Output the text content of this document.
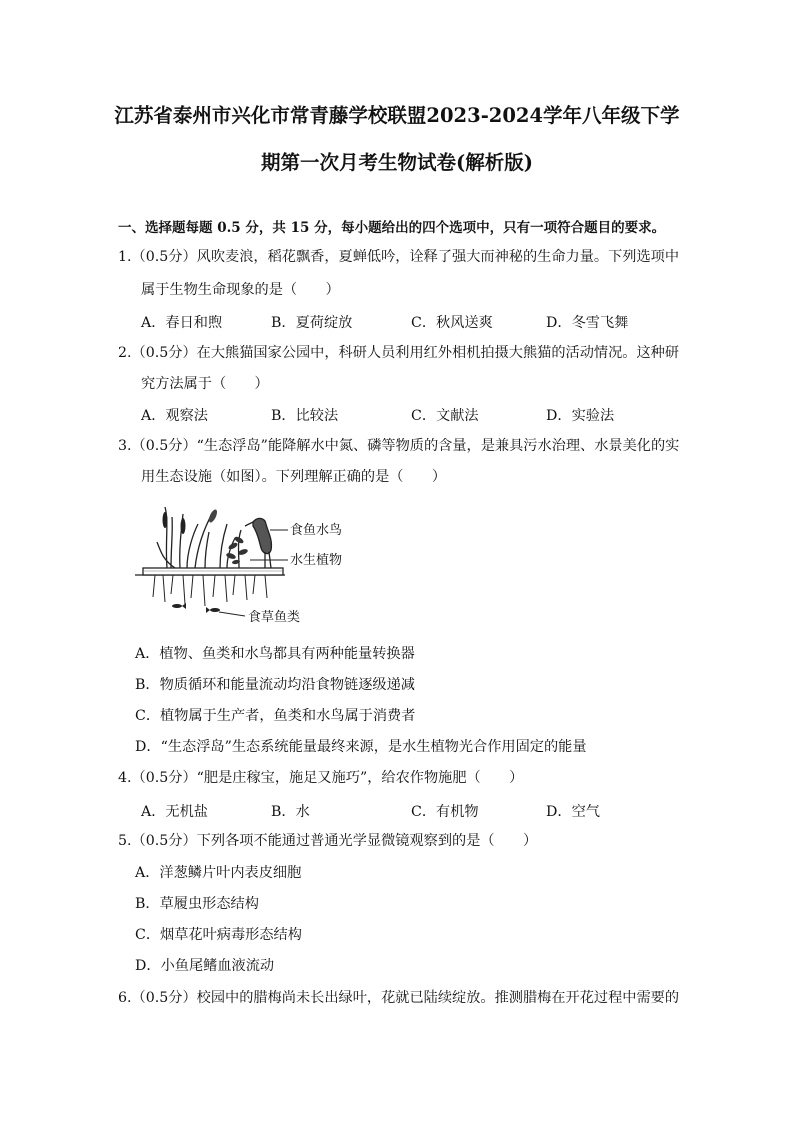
江苏省泰州市兴化市常青藤学校联盟2023-2024学年八年级下学
期第一次月考生物试卷(解析版)
一、选择题每题 0.5 分，共 15 分，每小题给出的四个选项中，只有一项符合题目的要求。
1.（0.5分）风吹麦浪，稻花飘香，夏蝉低吟，诠释了强大而神秘的生命力量。下列选项中
属于生物生命现象的是（　　）
A．春日和煦	B．夏荷绽放	C．秋风送爽	D．冬雪飞舞
2.（0.5分）在大熊猫国家公园中，科研人员利用红外相机拍摄大熊猫的活动情况。这种研
究方法属于（　　）
A．观察法	B．比较法	C．文献法	D．实验法
3.（0.5分）“生态浮岛”能降解水中氮、磷等物质的含量，是兼具污水治理、水景美化的实
用生态设施（如图）。下列理解正确的是（　　）
食鱼水鸟
水生植物
食草鱼类
A．植物、鱼类和水鸟都具有两种能量转换器
B．物质循环和能量流动均沿食物链逐级递减
C．植物属于生产者，鱼类和水鸟属于消费者
D．“生态浮岛”生态系统能量最终来源，是水生植物光合作用固定的能量
4.（0.5分）“肥是庄稼宝，施足又施巧”，给农作物施肥（　　）
A．无机盐	B．水	C．有机物	D．空气
5.（0.5分）下列各项不能通过普通光学显微镜观察到的是（　　）
A．洋葱鳞片叶内表皮细胞
B．草履虫形态结构
C．烟草花叶病毒形态结构
D．小鱼尾鳍血液流动
6.（0.5分）校园中的腊梅尚未长出绿叶，花就已陆续绽放。推测腊梅在开花过程中需要的
